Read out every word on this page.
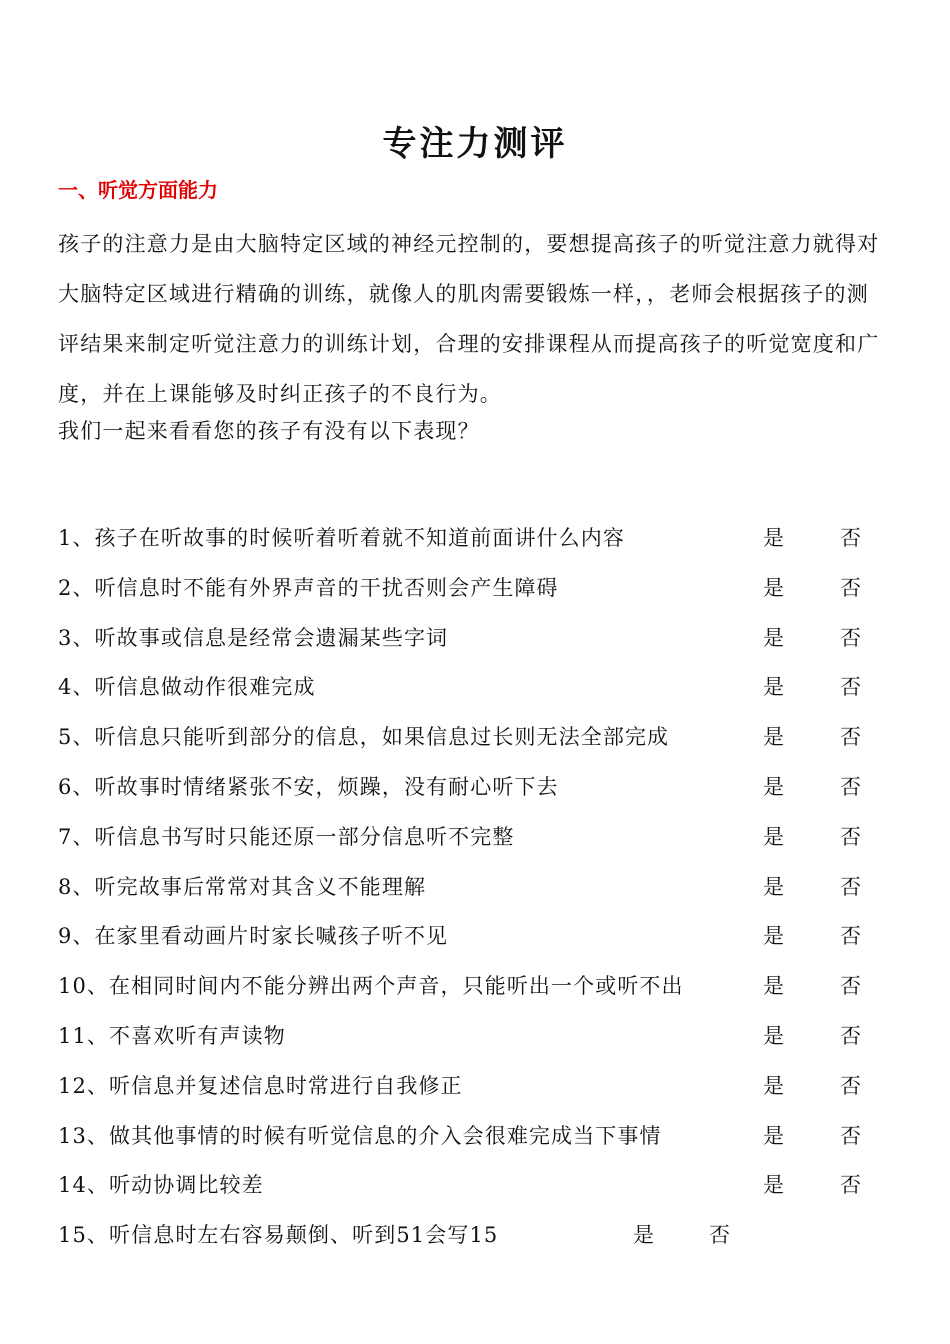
专注力测评
一、听觉方面能力
孩子的注意力是由大脑特定区域的神经元控制的，要想提高孩子的听觉注意力就得对
大脑特定区域进行精确的训练，就像人的肌肉需要锻炼一样，，老师会根据孩子的测
评结果来制定听觉注意力的训练计划，合理的安排课程从而提高孩子的听觉宽度和广
度，并在上课能够及时纠正孩子的不良行为。
我们一起来看看您的孩子有没有以下表现？
1、孩子在听故事的时候听着听着就不知道前面讲什么内容	是	否
2、听信息时不能有外界声音的干扰否则会产生障碍	是	否
3、听故事或信息是经常会遗漏某些字词	是	否
4、听信息做动作很难完成	是	否
5、听信息只能听到部分的信息，如果信息过长则无法全部完成	是	否
6、听故事时情绪紧张不安，烦躁，没有耐心听下去	是	否
7、听信息书写时只能还原一部分信息听不完整	是	否
8、听完故事后常常对其含义不能理解	是	否
9、在家里看动画片时家长喊孩子听不见	是	否
10、在相同时间内不能分辨出两个声音，只能听出一个或听不出	是	否
11、不喜欢听有声读物	是	否
12、听信息并复述信息时常进行自我修正	是	否
13、做其他事情的时候有听觉信息的介入会很难完成当下事情	是	否
14、听动协调比较差	是	否
15、听信息时左右容易颠倒、听到51会写15	是	否
